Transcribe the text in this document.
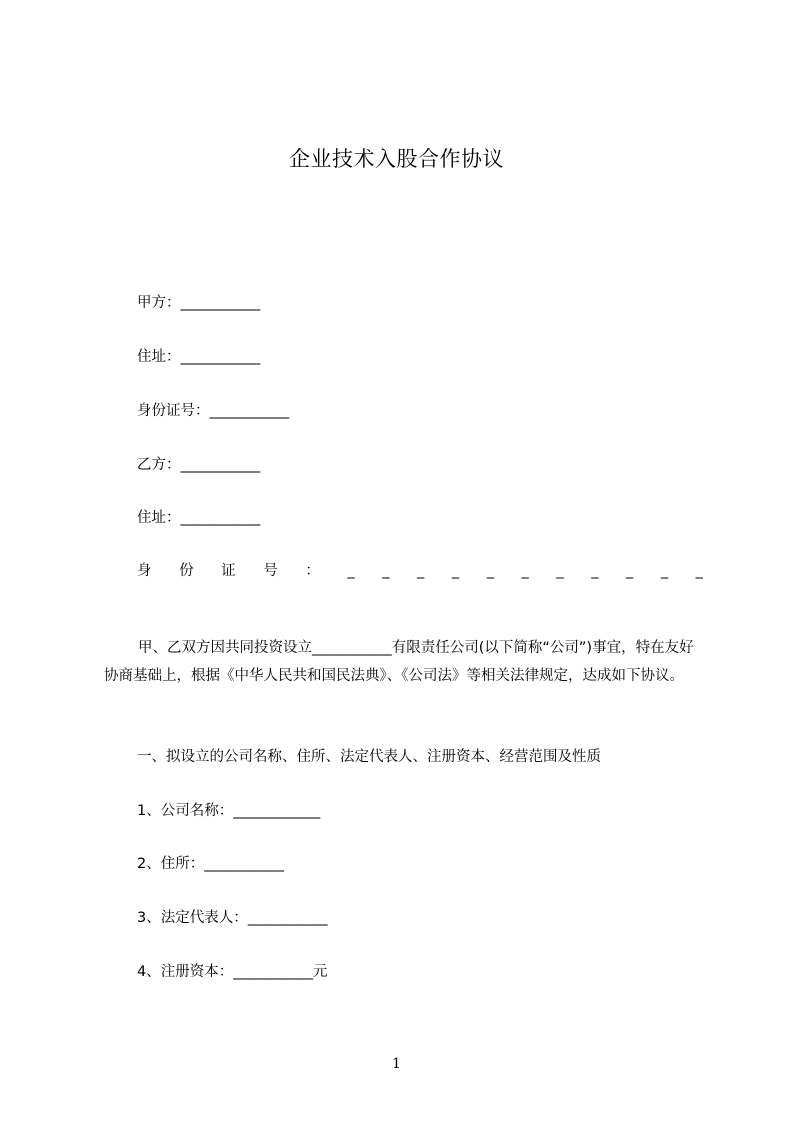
企业技术入股合作协议
甲方：___________
住址：___________
身份证号：___________
乙方：___________
住址：___________
身 份 证 号 ： _ _ _ _ _ _ _ _ _ _ _
甲、乙双方因共同投资设立___________有限责任公司(以下简称“公司”)事宜，特在友好协商基础上，根据《中华人民共和国民法典》、《公司法》等相关法律规定，达成如下协议。
一、拟设立的公司名称、住所、法定代表人、注册资本、经营范围及性质
1、公司名称：____________
2、住所：___________
3、法定代表人：___________
4、注册资本：___________元
1
